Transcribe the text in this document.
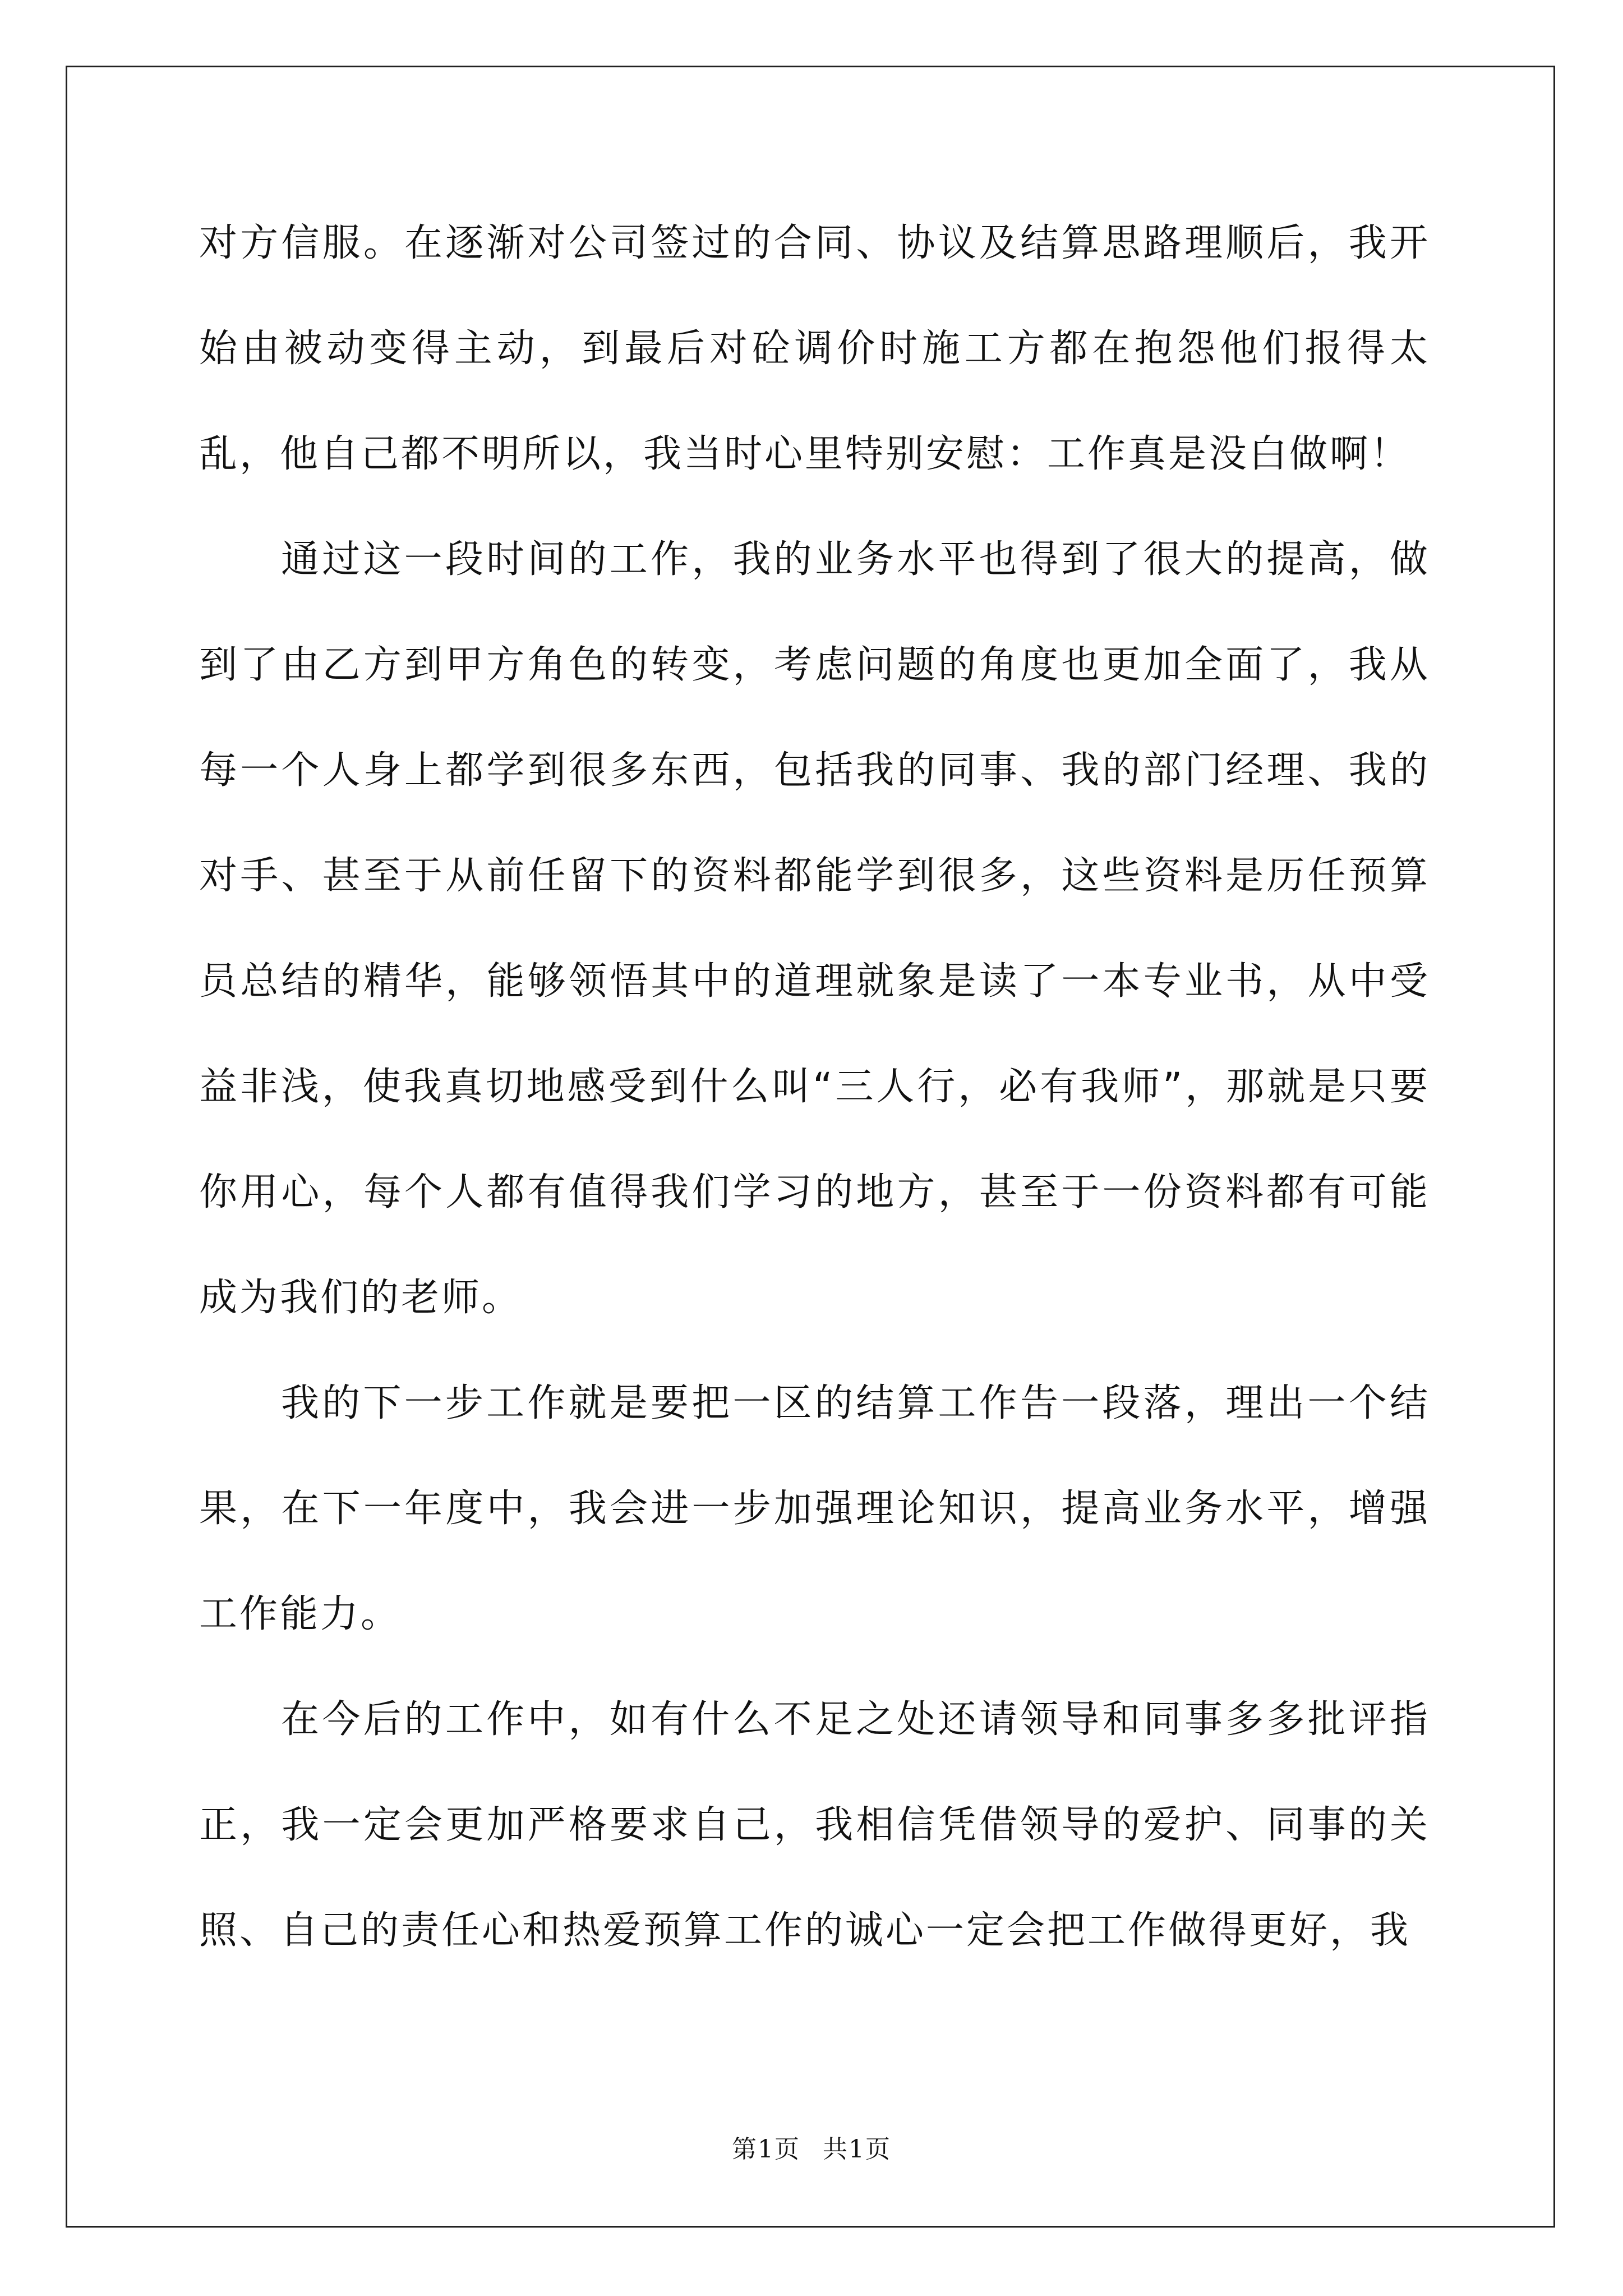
对方信服。在逐渐对公司签过的合同、协议及结算思路理顺后，我开始由被动变得主动，到最后对砼调价时施工方都在抱怨他们报得太乱，他自己都不明所以，我当时心里特别安慰：工作真是没白做啊！

通过这一段时间的工作，我的业务水平也得到了很大的提高，做到了由乙方到甲方角色的转变，考虑问题的角度也更加全面了，我从每一个人身上都学到很多东西，包括我的同事、我的部门经理、我的对手、甚至于从前任留下的资料都能学到很多，这些资料是历任预算员总结的精华，能够领悟其中的道理就象是读了一本专业书，从中受益非浅，使我真切地感受到什么叫“三人行，必有我师”，那就是只要你用心，每个人都有值得我们学习的地方，甚至于一份资料都有可能成为我们的老师。

我的下一步工作就是要把一区的结算工作告一段落，理出一个结果，在下一年度中，我会进一步加强理论知识，提高业务水平，增强工作能力。

在今后的工作中，如有什么不足之处还请领导和同事多多批评指正，我一定会更加严格要求自己，我相信凭借领导的爱护、同事的关照、自己的责任心和热爱预算工作的诚心一定会把工作做得更好，我

第1页 共1页
